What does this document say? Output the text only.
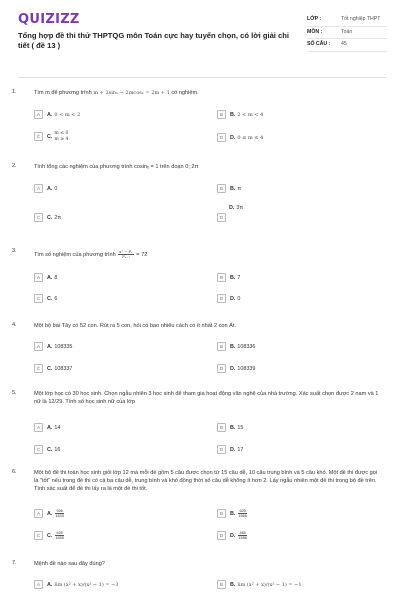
QUIZIZZ
Tổng hợp đề thi thử THPTQG môn Toán cực hay tuyển chọn, có lời giải chi tiết ( đề 13 )
LỚP :	Tốt nghiệp THPT
MÔN :	Toán
SỐ CÂU :	45
1.	Tìm m để phương trình m + 2sinₓ − 2mcosₓ = 2m + 1 có nghiệm.
A	A. 0 < m < 2	B	B. 2 < m < 4
C	C. m ≤ 0
m ≥ 4	D	D. 0 ≤ m ≤ 4
2.	Tính tổng các nghiệm của phương trình cosinₓ = 1 trên đoạn 0; 2π
A	A. 0	B	B. π
C	C. 2π	D
D. 3π
3.
Tìm số nghiệm của phương trình $\frac{\text{x² − Pₓ}}{\text{Pₓ₋₁}} = 72$
A	A. 8	B	B. 7
C	C. 6	D	D. 0
4.	Một bộ bài Tây có 52 con. Rút ra 5 con, hỏi có bao nhiêu cách có ít nhất 2 con Át.
A	A. 108335	B	B. 108336
C	C. 108337	D	D. 108339
5.	Một lớp học có 30 học sinh. Chọn ngẫu nhiên 3 học sinh để tham gia hoạt động văn nghệ của nhà trường. Xác suất chọn được 2 nam và 1 nữ là 12/29. Tính số học sinh nữ của lớp
A	A. 14	B	B. 15
C	C. 16	D	D. 17
6.	Một bộ đề thi toán học sinh giỏi lớp 12 mà mỗi đề gồm 5 câu được chọn từ 15 câu dễ, 10 câu trung bình và 5 câu khó. Một đề thi được gọi là "tốt" nếu trong đề thi có cả ba câu dễ, trung bình và khó đồng thời số câu dễ không ít hơn 2. Lấy ngẫu nhiên một đề thi trong bộ đề trên. Tính xác suất để đề thi lấy ra là một đề thi tốt.
A	A. $\frac{926}{1833}$	B	B. $\frac{625}{1566}$
C	C. $\frac{526}{1655}$	D	D. $\frac{465}{1586}$
7.	Mệnh đề nào sau đây đúng?
A	A. lim (x² + x)/(x² − 1) = −3	B	B. lim (x² + x)/(x² − 1) = −1
